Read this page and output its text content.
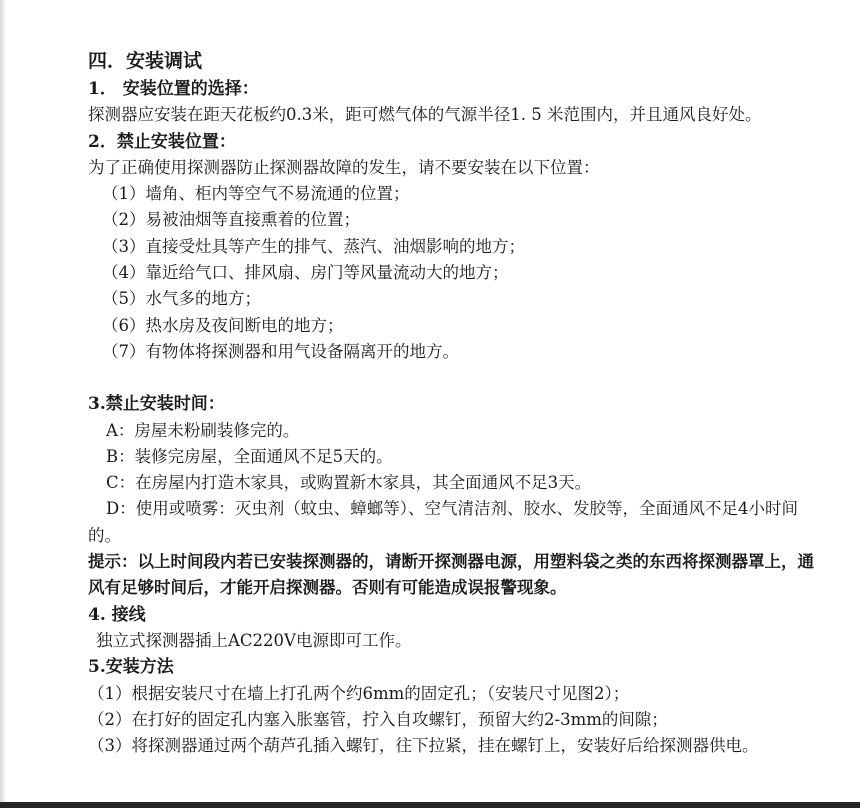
四．安装调试
1． 安装位置的选择：
探测器应安装在距天花板约0.3米，距可燃气体的气源半径1. 5 米范围内，并且通风良好处。
2．禁止安装位置：
为了正确使用探测器防止探测器故障的发生，请不要安装在以下位置：
（1）墙角、柜内等空气不易流通的位置；
（2）易被油烟等直接熏着的位置；
（3）直接受灶具等产生的排气、蒸汽、油烟影响的地方；
（4）靠近给气口、排风扇、房门等风量流动大的地方；
（5）水气多的地方；
（6）热水房及夜间断电的地方；
（7）有物体将探测器和用气设备隔离开的地方。
3.禁止安装时间：
A：房屋未粉刷装修完的。
B：装修完房屋，全面通风不足5天的。
C：在房屋内打造木家具，或购置新木家具，其全面通风不足3天。
D：使用或喷雾：灭虫剂（蚊虫、蟑螂等）、空气清洁剂、胶水、发胶等，全面通风不足4小时间的。
提示：以上时间段内若已安装探测器的，请断开探测器电源，用塑料袋之类的东西将探测器罩上，通风有足够时间后，才能开启探测器。否则有可能造成误报警现象。
4. 接线
独立式探测器插上AC220V电源即可工作。
5.安装方法
（1）根据安装尺寸在墙上打孔两个约6mm的固定孔；（安装尺寸见图2）；
（2）在打好的固定孔内塞入胀塞管，拧入自攻螺钉，预留大约2-3mm的间隙；
（3）将探测器通过两个葫芦孔插入螺钉，往下拉紧，挂在螺钉上，安装好后给探测器供电。
